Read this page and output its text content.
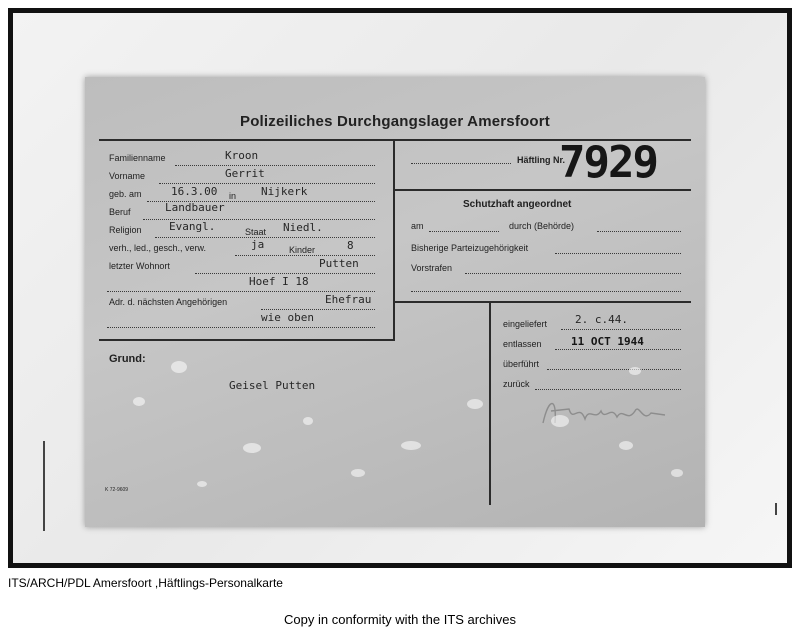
Polizeiliches Durchgangslager Amersfoort
Familienname	Kroon
Vorname	Gerrit
geb. am	16.3.00 in Nijkerk
Beruf	Landbauer
Religion Evangl.	Staat Niedl.
verh., led., gesch., verw.	ja	Kinder	8
letzter Wohnort	Putten
Hoef I 18
Adr. d. nächsten Angehörigen	Ehefrau
wie oben
Häftling Nr.
7929
Schutzhaft angeordnet
am	durch (Behörde)
Bisherige Parteizugehörigkeit
Vorstrafen
Grund:
Geisel Putten
eingeliefert	2. c.44.
entlassen	11 OCT 1944
überführt
zurück
K 72-9609
ITS/ARCH/PDL Amersfoort ,Häftlings-Personalkarte
Copy in conformity with the ITS archives
